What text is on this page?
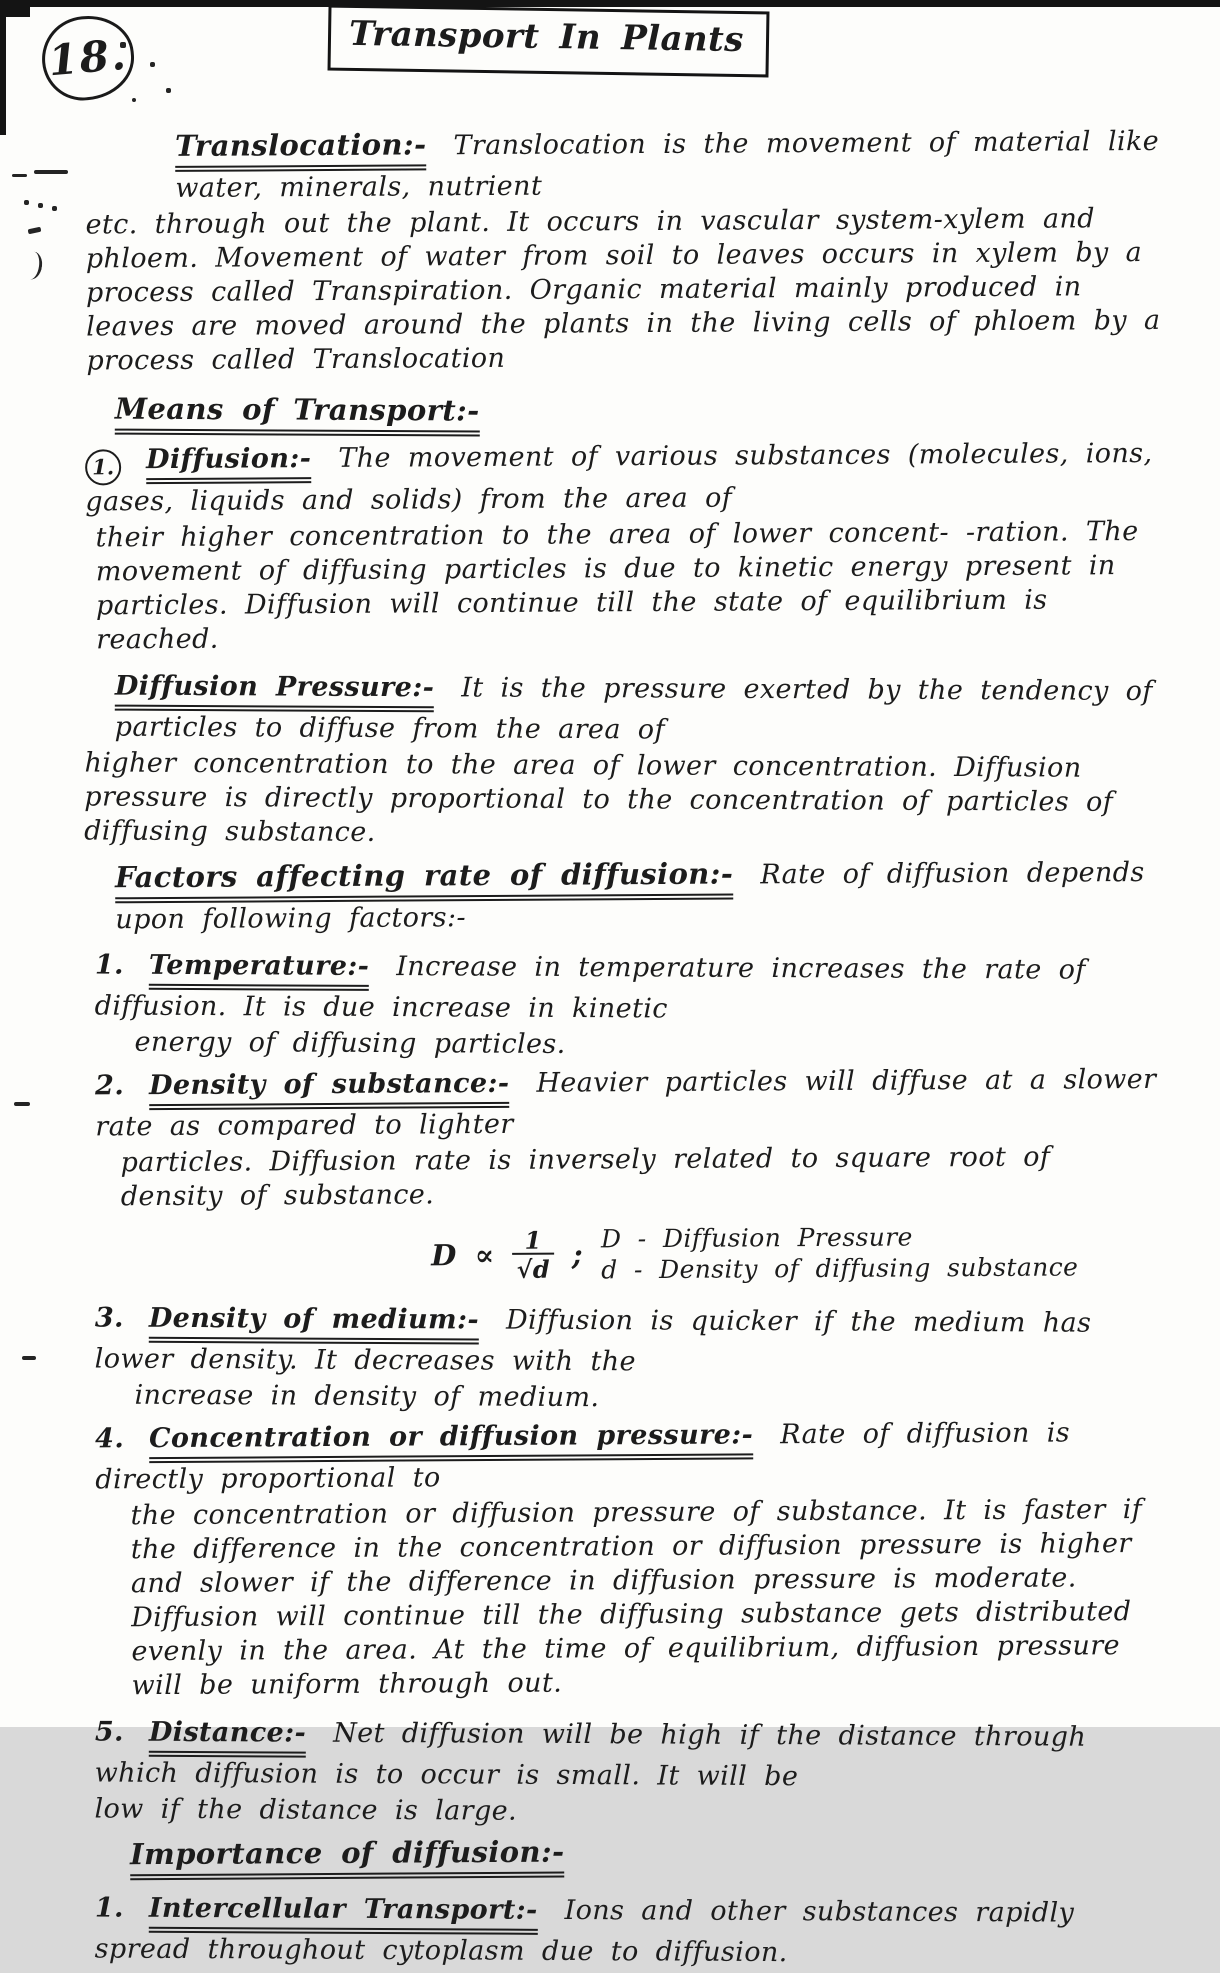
18.	Transport In Plants
Translocation:- Translocation is the movement of material like water, minerals, nutrient
etc. through out the plant. It occurs in vascular system-xylem and phloem. Movement of water from soil to leaves occurs in xylem by a process called Transpiration. Organic material mainly produced in leaves are moved around the plants in the living cells of phloem by a process called Translocation
Means of Transport:-
1. Diffusion:- The movement of various substances (molecules, ions, gases, liquids and solids) from the area of
their higher concentration to the area of lower concent- -ration. The movement of diffusing particles is due to kinetic energy present in particles. Diffusion will continue till the state of equilibrium is reached.
Diffusion Pressure:- It is the pressure exerted by the tendency of particles to diffuse from the area of
higher concentration to the area of lower concentration. Diffusion pressure is directly proportional to the concentration of particles of diffusing substance.
Factors affecting rate of diffusion:- Rate of diffusion depends upon following factors:-
1. Temperature:- Increase in temperature increases the rate of diffusion. It is due increase in kinetic
energy of diffusing particles.
2. Density of substance:- Heavier particles will diffuse at a slower rate as compared to lighter
particles. Diffusion rate is inversely related to square root of density of substance.
$D \propto \frac{1}{√d}$ ; D - Diffusion Pressure
d - Density of diffusing substance
3. Density of medium:- Diffusion is quicker if the medium has lower density. It decreases with the
increase in density of medium.
4. Concentration or diffusion pressure:- Rate of diffusion is directly proportional to
the concentration or diffusion pressure of substance. It is faster if the difference in the concentration or diffusion pressure is higher and slower if the difference in diffusion pressure is moderate. Diffusion will continue till the diffusing substance gets distributed evenly in the area. At the time of equilibrium, diffusion pressure will be uniform through out.
5. Distance:- Net diffusion will be high if the distance through which diffusion is to occur is small. It will be
low if the distance is large.
Importance of diffusion:-
1. Intercellular Transport:- Ions and other substances rapidly spread throughout cytoplasm due to diffusion.
